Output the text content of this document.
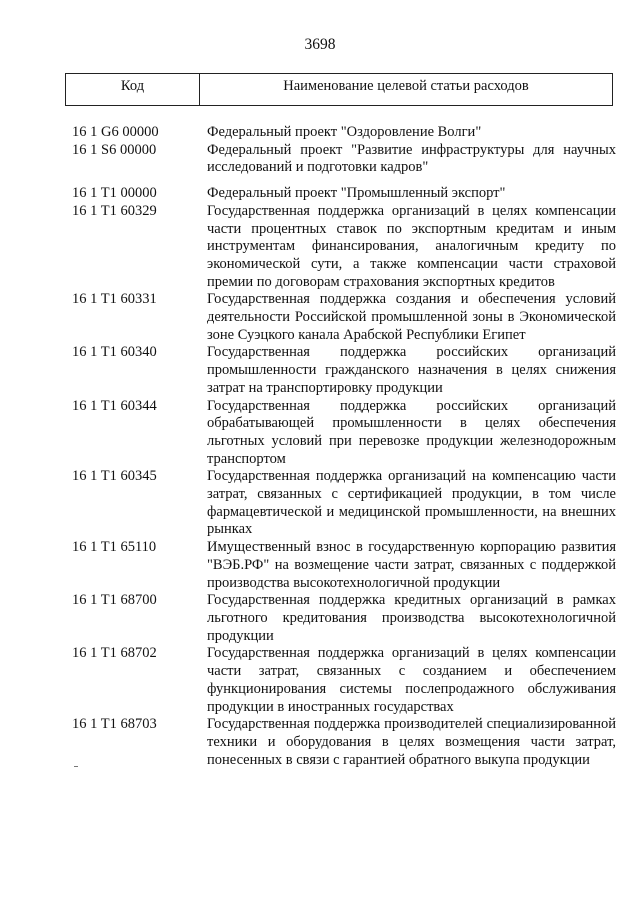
3698
Код	Наименование целевой статьи расходов
16 1 G6 00000	Федеральный проект "Оздоровление Волги"
16 1 S6 00000	Федеральный проект "Развитие инфраструктуры для научных исследований и подготовки кадров"
16 1 T1 00000	Федеральный проект "Промышленный экспорт"
16 1 T1 60329	Государственная поддержка организаций в целях компенсации части процентных ставок по экспортным кредитам и иным инструментам финансирования, аналогичным кредиту по экономической сути, а также компенсации части страховой премии по договорам страхования экспортных кредитов
16 1 T1 60331	Государственная поддержка создания и обеспечения условий деятельности Российской промышленной зоны в Экономической зоне Суэцкого канала Арабской Республики Египет
16 1 T1 60340	Государственная поддержка российских организаций промышленности гражданского назначения в целях снижения затрат на транспортировку продукции
16 1 T1 60344	Государственная поддержка российских организаций обрабатывающей промышленности в целях обеспечения льготных условий при перевозке продукции железнодорожным транспортом
16 1 T1 60345	Государственная поддержка организаций на компенсацию части затрат, связанных с сертификацией продукции, в том числе фармацевтической и медицинской промышленности, на внешних рынках
16 1 T1 65110	Имущественный взнос в государственную корпорацию развития "ВЭБ.РФ" на возмещение части затрат, связанных с поддержкой производства высокотехнологичной продукции
16 1 T1 68700	Государственная поддержка кредитных организаций в рамках льготного кредитования производства высокотехнологичной продукции
16 1 T1 68702	Государственная поддержка организаций в целях компенсации части затрат, связанных с созданием и обеспечением функционирования системы послепродажного обслуживания продукции в иностранных государствах
16 1 T1 68703	Государственная поддержка производителей специализированной техники и оборудования в целях возмещения части затрат, понесенных в связи с гарантией обратного выкупа продукции
